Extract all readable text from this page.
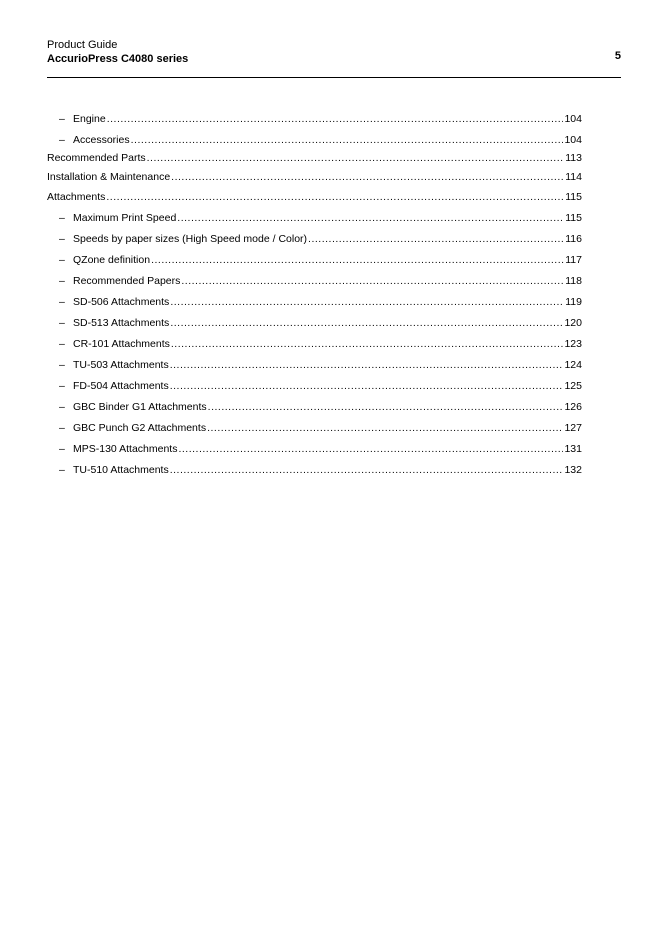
Product Guide
AccurioPress C4080 series	5
– Engine .....	104
– Accessories .....	104
Recommended Parts .....	113
Installation & Maintenance .....	114
Attachments .....	115
– Maximum Print Speed .....	115
– Speeds by paper sizes (High Speed mode / Color) .....	116
– QZone definition .....	117
– Recommended Papers .....	118
– SD-506 Attachments .....	119
– SD-513 Attachments .....	120
– CR-101 Attachments .....	123
– TU-503 Attachments .....	124
– FD-504 Attachments .....	125
– GBC Binder G1 Attachments .....	126
– GBC Punch G2 Attachments .....	127
– MPS-130 Attachments .....	131
– TU-510 Attachments .....	132
